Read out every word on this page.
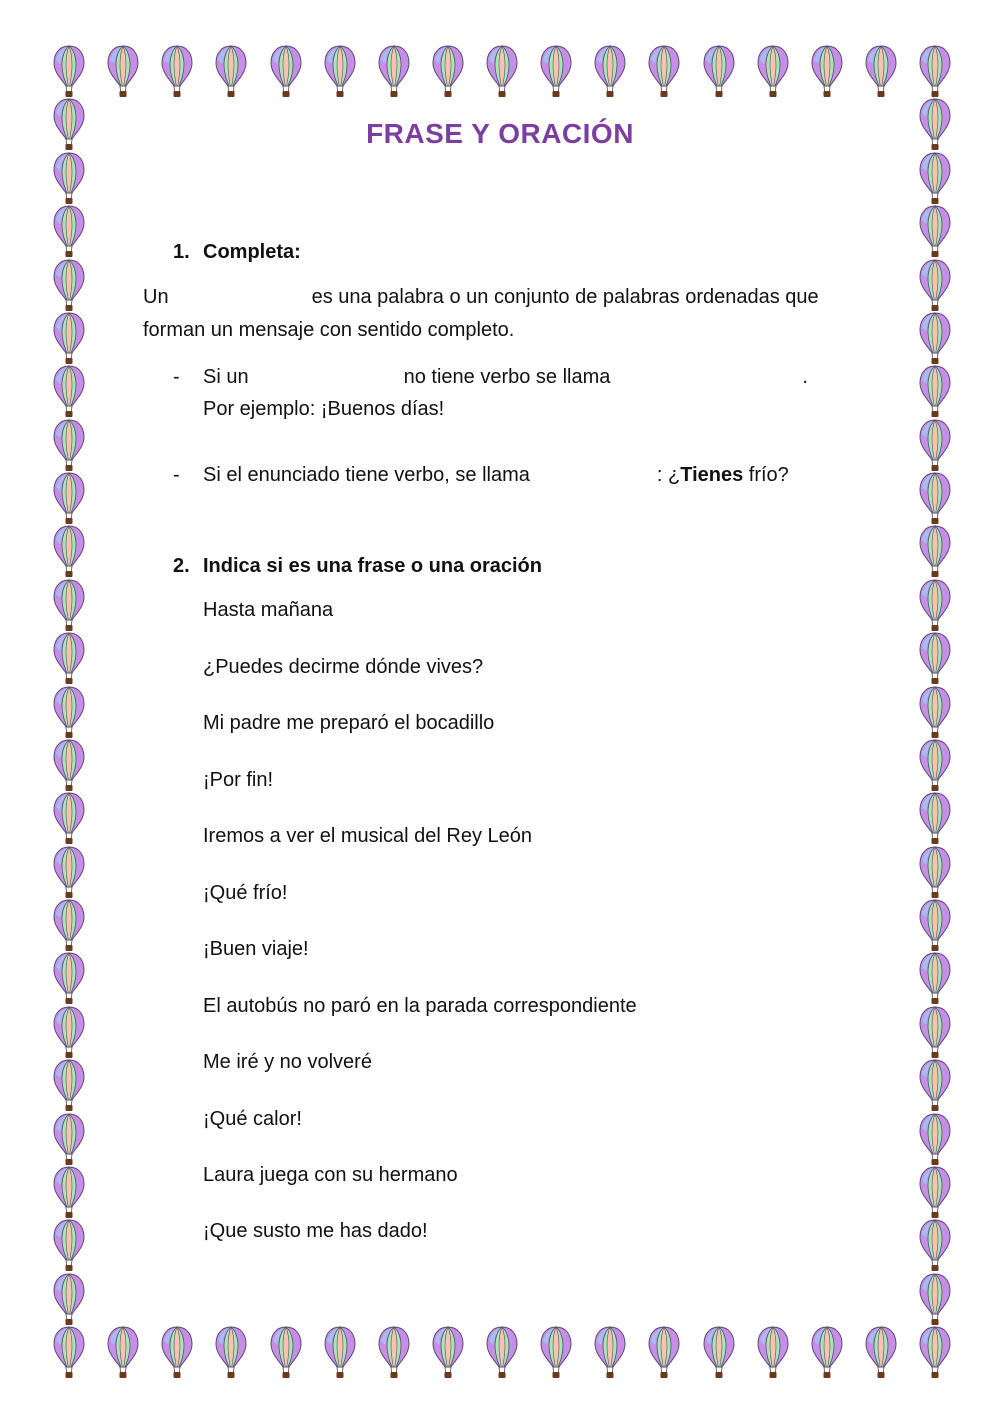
FRASE Y ORACIÓN
1. Completa:
Un	es una palabra o un conjunto de palabras ordenadas que
forman un mensaje con sentido completo.
- Si un	no tiene verbo se llama	.
Por ejemplo: ¡Buenos días!
- Si el enunciado tiene verbo, se llama	: ¿Tienes frío?
2. Indica si es una frase o una oración
Hasta mañana
¿Puedes decirme dónde vives?
Mi padre me preparó el bocadillo
¡Por fin!
Iremos a ver el musical del Rey León
¡Qué frío!
¡Buen viaje!
El autobús no paró en la parada correspondiente
Me iré y no volveré
¡Qué calor!
Laura juega con su hermano
¡Que susto me has dado!
